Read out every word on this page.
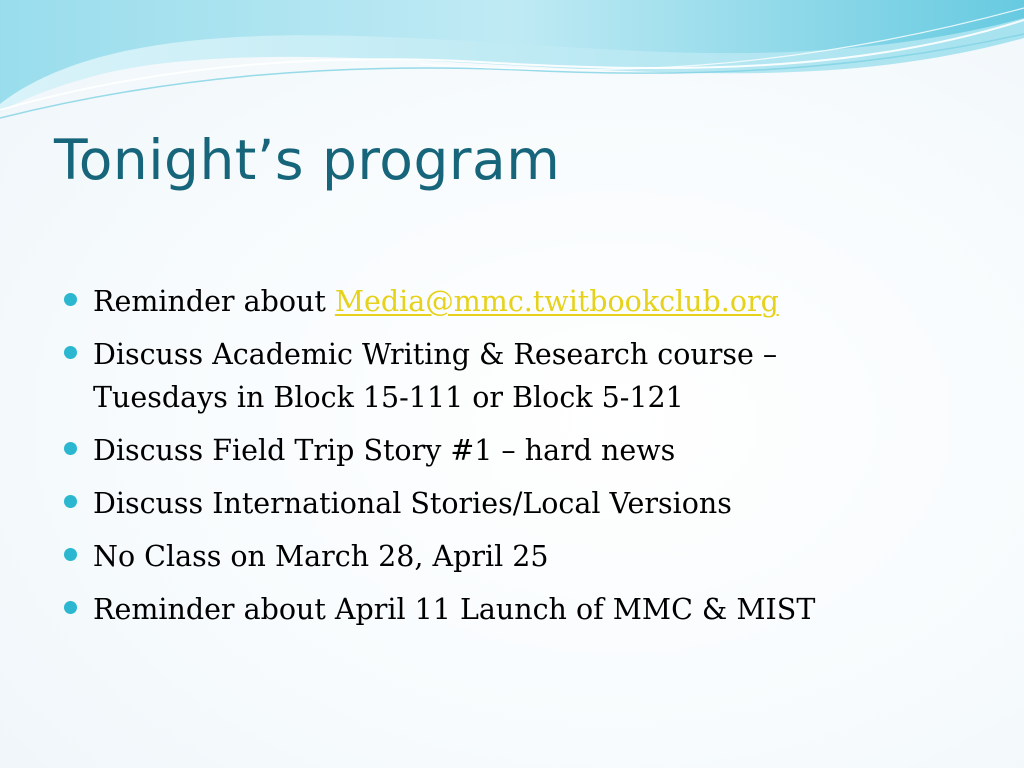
Tonight’s program
Reminder about Media@mmc.twitbookclub.org
Discuss Academic Writing & Research course –
Tuesdays in Block 15-111 or Block 5-121
Discuss Field Trip Story #1 – hard news
Discuss International Stories/Local Versions
No Class on March 28, April 25
Reminder about April 11 Launch of MMC & MIST
